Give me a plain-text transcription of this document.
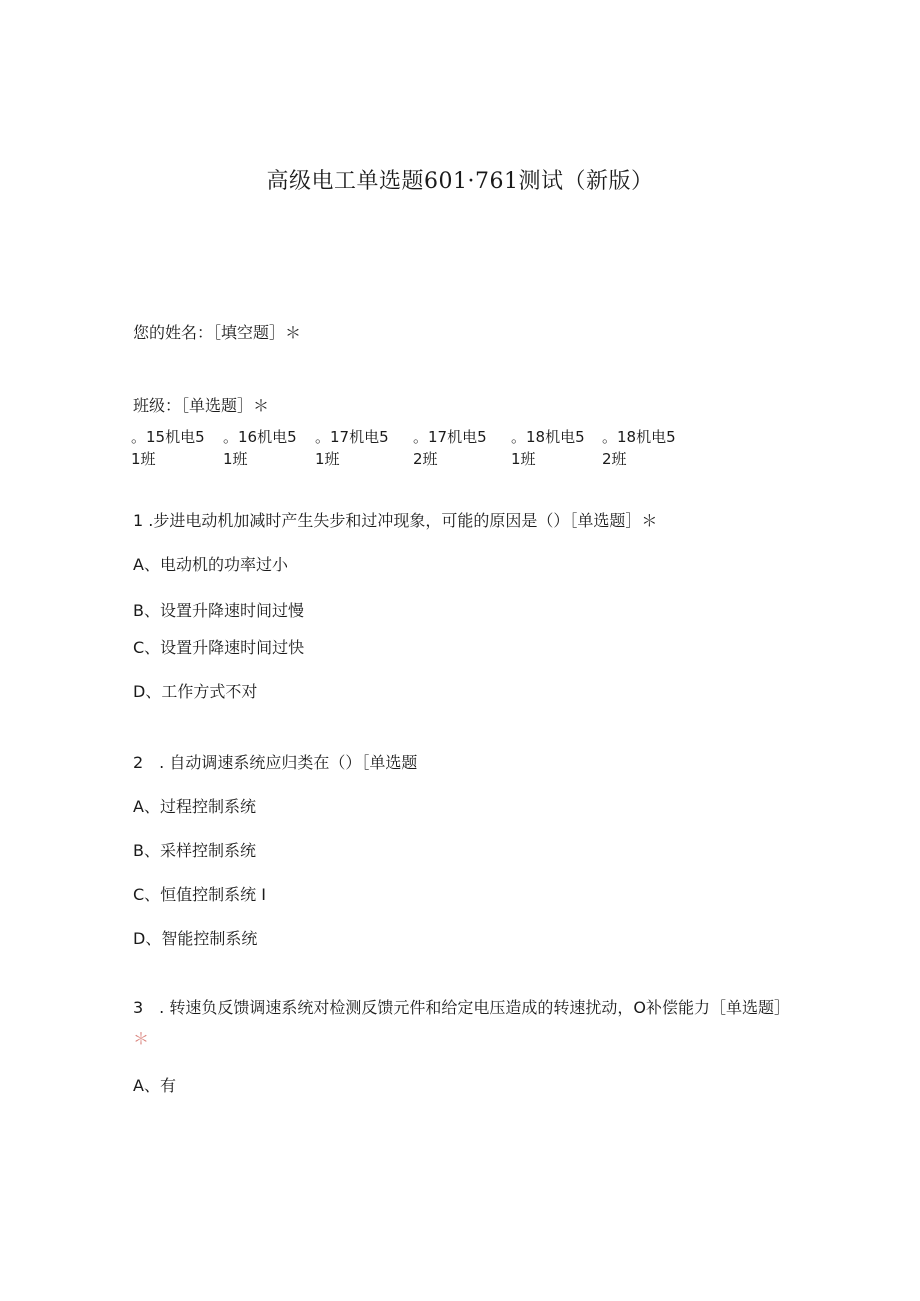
高级电工单选题601·761测试（新版）
您的姓名：［填空题］＊
班级：［单选题］＊
。15机电5
1班
。16机电5
1班
。17机电5
1班
。17机电5
2班
。18机电5
1班
。18机电5
2班
1 .步进电动机加减时产生失步和过冲现象，可能的原因是（）［单选题］＊
A、电动机的功率过小
B、设置升降速时间过慢
C、设置升降速时间过快
D、工作方式不对
2　. 自动调速系统应归类在（）［单选题
A、过程控制系统
B、采样控制系统
C、恒值控制系统 I
D、智能控制系统
3　. 转速负反馈调速系统对检测反馈元件和给定电压造成的转速扰动，O补偿能力［单选题］＊
A、有
